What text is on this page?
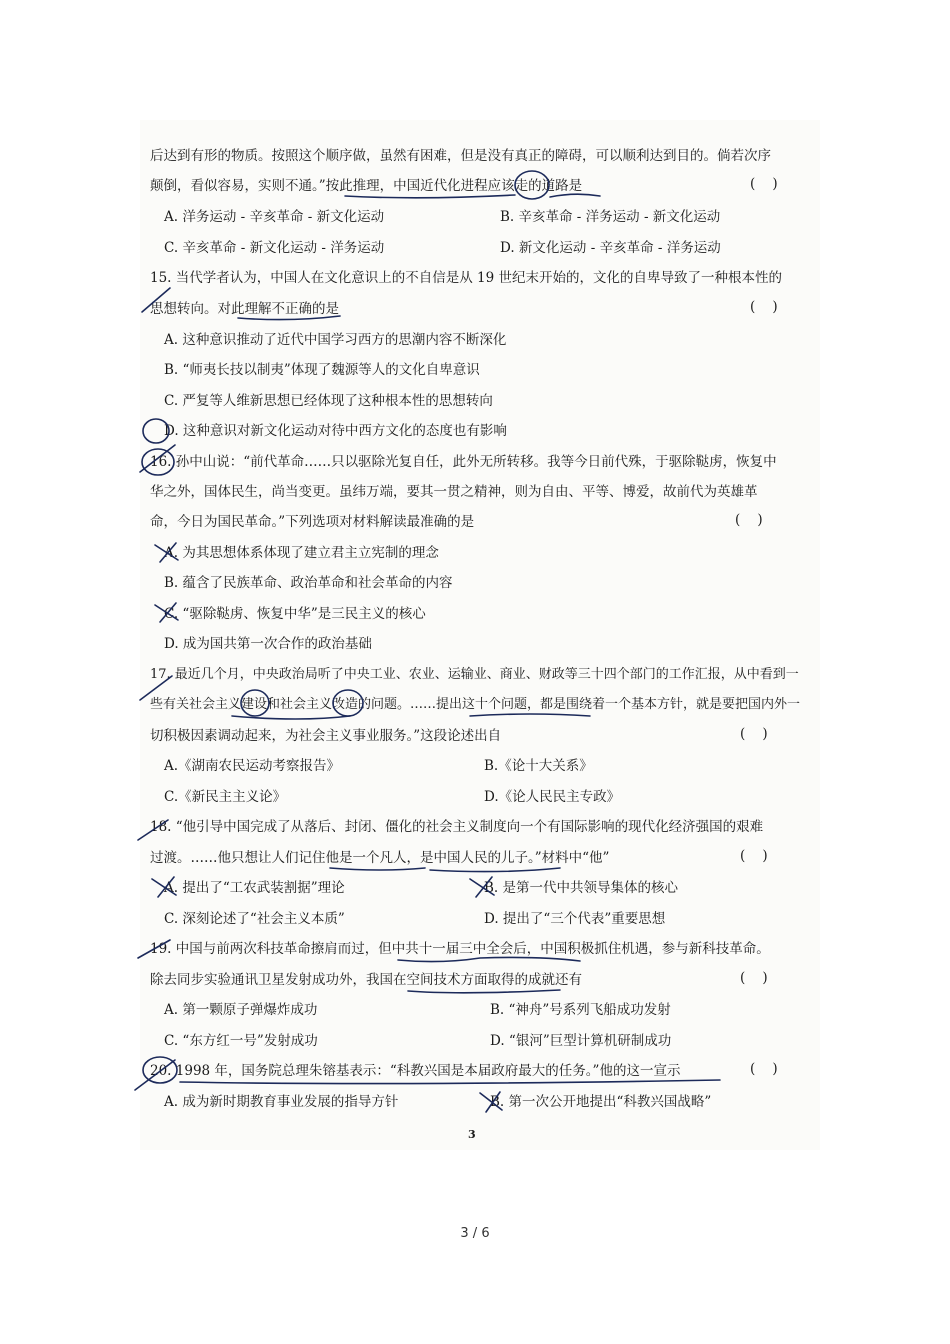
后达到有形的物质。按照这个顺序做，虽然有困难，但是没有真正的障碍，可以顺利达到目的。倘若次序
颠倒，看似容易，实则不通。”按此推理，中国近代化进程应该走的道路是	(    )
A. 洋务运动 - 辛亥革命 - 新文化运动	B. 辛亥革命 - 洋务运动 - 新文化运动
C. 辛亥革命 - 新文化运动 - 洋务运动	D. 新文化运动 - 辛亥革命 - 洋务运动
15. 当代学者认为，中国人在文化意识上的不自信是从 19 世纪末开始的，文化的自卑导致了一种根本性的
思想转向。对此理解不正确的是	(    )
A. 这种意识推动了近代中国学习西方的思潮内容不断深化
B. “师夷长技以制夷”体现了魏源等人的文化自卑意识
C. 严复等人维新思想已经体现了这种根本性的思想转向
D. 这种意识对新文化运动对待中西方文化的态度也有影响
16. 孙中山说：“前代革命……只以驱除光复自任，此外无所转移。我等今日前代殊，于驱除鞑虏，恢复中
华之外，国体民生，尚当变更。虽纬万端，要其一贯之精神，则为自由、平等、博爱，故前代为英雄革
命，今日为国民革命。”下列选项对材料解读最准确的是	(    )
A. 为其思想体系体现了建立君主立宪制的理念
B. 蕴含了民族革命、政治革命和社会革命的内容
C. “驱除鞑虏、恢复中华”是三民主义的核心
D. 成为国共第一次合作的政治基础
17. 最近几个月，中央政治局听了中央工业、农业、运输业、商业、财政等三十四个部门的工作汇报，从中看到一
些有关社会主义建设和社会主义改造的问题。……提出这十个问题，都是围绕着一个基本方针，就是要把国内外一
切积极因素调动起来，为社会主义事业服务。”这段论述出自	(    )
A.《湖南农民运动考察报告》	B.《论十大关系》
C.《新民主主义论》	D.《论人民民主专政》
18. “他引导中国完成了从落后、封闭、僵化的社会主义制度向一个有国际影响的现代化经济强国的艰难
过渡。……他只想让人们记住他是一个凡人，是中国人民的儿子。”材料中“他”	(    )
A. 提出了“工农武装割据”理论	B. 是第一代中共领导集体的核心
C. 深刻论述了“社会主义本质”	D. 提出了“三个代表”重要思想
19. 中国与前两次科技革命擦肩而过，但中共十一届三中全会后，中国积极抓住机遇，参与新科技革命。
除去同步实验通讯卫星发射成功外，我国在空间技术方面取得的成就还有	(    )
A. 第一颗原子弹爆炸成功	B. “神舟”号系列飞船成功发射
C. “东方红一号”发射成功	D. “银河”巨型计算机研制成功
20. 1998 年，国务院总理朱镕基表示：“科教兴国是本届政府最大的任务。”他的这一宣示	(    )
A. 成为新时期教育事业发展的指导方针	B. 第一次公开地提出“科教兴国战略”
3
3 / 6
